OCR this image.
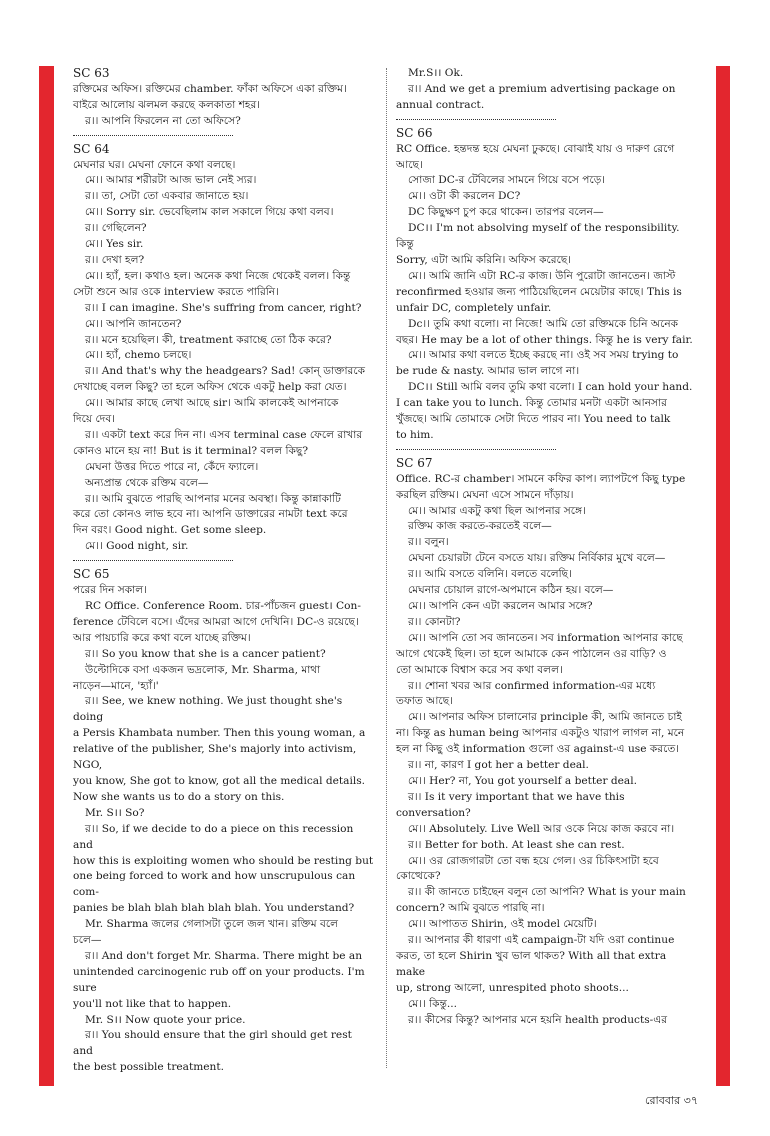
SC 63

রক্তিমের অফিস। রক্তিমের chamber. ফাঁকা অফিসে একা রক্তিম।

বাইরে আলোয় ঝলমল করছে কলকাতা শহর।

র।। আপনি ফিরলেন না তো অফিসে?

SC 64

মেঘনার ঘর। মেঘনা ফোনে কথা বলছে।

মে।। আমার শরীরটা আজ ভাল নেই স্যর।

র।। তা, সেটা তো একবার জানাতে হয়।

মে।। Sorry sir. ভেবেছিলাম কাল সকালে গিয়ে কথা বলব।

র।। গেছিলেন?

মে।। Yes sir.

র।। দেখা হল?

মে।। হ্যাঁ, হল। কথাও হল। অনেক কথা নিজে থেকেই বলল। কিন্তু

সেটা শুনে আর ওকে interview করতে পারিনি।

র।। I can imagine. She's suffring from cancer, right?

মে।। আপনি জানতেন?

র।। মনে হয়েছিল। কী, treatment করাচ্ছে তো ঠিক করে?

মে।। হ্যাঁ, chemo চলছে।

র।। And that's why the headgears? Sad! কোন্‌ ডাক্তারকে

দেখাচ্ছে বলল কিছু? তা হলে অফিস থেকে একটু help করা যেত।

মে।। আমার কাছে লেখা আছে sir। আমি কালকেই আপনাকে

দিয়ে দেব।

র।। একটা text করে দিন না। এসব terminal case ফেলে রাখার

কোনও মানে হয় না! But is it terminal? বলল কিছু?

মেঘনা উত্তর দিতে পারে না, কেঁদে ফ্যালে।

অন্যপ্রান্ত থেকে রক্তিম বলে—

র।। আমি বুঝতে পারছি আপনার মনের অবস্থা। কিন্তু কান্নাকাটি

করে তো কোনও লাভ হবে না। আপনি ডাক্তারের নামটা text করে

দিন বরং। Good night. Get some sleep.

মে।। Good night, sir.

SC 65

পরের দিন সকাল।

RC Office. Conference Room. চার-পাঁচজন guest। Con-

ference টেবিলে বসে। এঁদের আমরা আগে দেখিনি। DC-ও রয়েছে।

আর পায়চারি করে কথা বলে যাচ্ছে রক্তিম।

র।। So you know that she is a cancer patient?

উল্টোদিকে বসা একজন ভদ্রলোক, Mr. Sharma, মাথা

নাড়েন—মানে, 'হ্যাঁ।'

র।। See, we knew nothing. We just thought she's doing

a Persis Khambata number. Then this young woman, a

relative of the publisher, She's majorly into activism, NGO,

you know, She got to know, got all the medical details.

Now she wants us to do a story on this.

Mr. S।। So?

র।। So, if we decide to do a piece on this recession and

how this is exploiting women who should be resting but

one being forced to work and how unscrupulous can com-

panies be blah blah blah blah blah. You understand?

Mr. Sharma জলের গেলাসটা তুলে জল খান। রক্তিম বলে

চলে—

র।। And don't forget Mr. Sharma. There might be an

unintended carcinogenic rub off on your products. I'm sure

you'll not like that to happen.

Mr. S।। Now quote your price.

র।। You should ensure that the girl should get rest and

the best possible treatment.

Mr.S।। Ok.

র।। And we get a premium advertising package on

annual contract.

SC 66

RC Office. হন্তদন্ত হয়ে মেঘনা ঢুকছে। বোঝাই যায় ও দারুণ রেগে

আছে।

সোজা DC-র টেবিলের সামনে গিয়ে বসে পড়ে।

মে।। ওটা কী করলেন DC?

DC কিছুক্ষণ চুপ করে থাকেন। তারপর বলেন—

DC।। I'm not absolving myself of the responsibility. কিন্তু

Sorry, এটা আমি করিনি। অফিস করেছে।

মে।। আমি জানি এটা RC-র কাজ। উনি পুরোটা জানতেন। জাস্ট

reconfirmed হওয়ার জন্য পাঠিয়েছিলেন মেয়েটার কাছে। This is

unfair DC, completely unfair.

Dc।। তুমি কথা বলো। না নিজে! আমি তো রক্তিমকে চিনি অনেক

বছর। He may be a lot of other things. কিন্তু he is very fair.

মে।। আমার কথা বলতে ইচ্ছে করছে না। ওই সব সময় trying to

be rude & nasty. আমার ভাল লাগে না।

DC।। Still আমি বলব তুমি কথা বলো। I can hold your hand.

I can take you to lunch. কিন্তু তোমার মনটা একটা আনসার

খুঁজছে। আমি তোমাকে সেটা দিতে পারব না। You need to talk

to him.

SC 67

Office. RC-র chamber। সামনে কফির কাপ। ল্যাপটপে কিছু type

করছিল রক্তিম। মেঘনা এসে সামনে দাঁড়ায়।

মে।। আমার একটু কথা ছিল আপনার সঙ্গে।

রক্তিম কাজ করতে-করতেই বলে—

র।। বলুন।

মেঘনা চেয়ারটা টেনে বসতে যায়। রক্তিম নির্বিকার মুখে বলে—

র।। আমি বসতে বলিনি। বলতে বলেছি।

মেঘনার চোয়াল রাগে-অপমানে কঠিন হয়। বলে—

মে।। আপনি কেন এটা করলেন আমার সঙ্গে?

র।। কোনটা?

মে।। আপনি তো সব জানতেন। সব information আপনার কাছে

আগে থেকেই ছিল। তা হলে আমাকে কেন পাঠালেন ওর বাড়ি? ও

তো আমাকে বিশ্বাস করে সব কথা বলল।

র।। শোনা খবর আর confirmed information-এর মধ্যে

তফাত আছে।

মে।। আপনার অফিস চালানোর principle কী, আমি জানতে চাই

না। কিন্তু as human being আপনার একটুও খারাপ লাগল না, মনে

হল না কিছু ওই information গুলো ওর against-এ use করতে।

র।। না, কারণ I got her a better deal.

মে।। Her? না, You got yourself a better deal.

র।। Is it very important that we have this conversation?

মে।। Absolutely. Live Well আর ওকে নিয়ে কাজ করবে না।

র।। Better for both. At least she can rest.

মে।। ওর রোজগারটা তো বন্ধ হয়ে গেল। ওর চিকিৎসাটা হবে

কোত্থেকে?

র।। কী জানতে চাইছেন বলুন তো আপনি? What is your main

concern? আমি বুঝতে পারছি না।

মে।। আপাতত Shirin, ওই model মেয়েটি।

র।। আপনার কী ধারণা এই campaign-টা যদি ওরা continue

করত, তা হলে Shirin খুব ভাল থাকত? With all that extra make

up, strong আলো, unrespited photo shoots...

মে।। কিন্তু...

র।। কীসের কিন্তু? আপনার মনে হয়নি health products-এর

রোববার ৩৭
